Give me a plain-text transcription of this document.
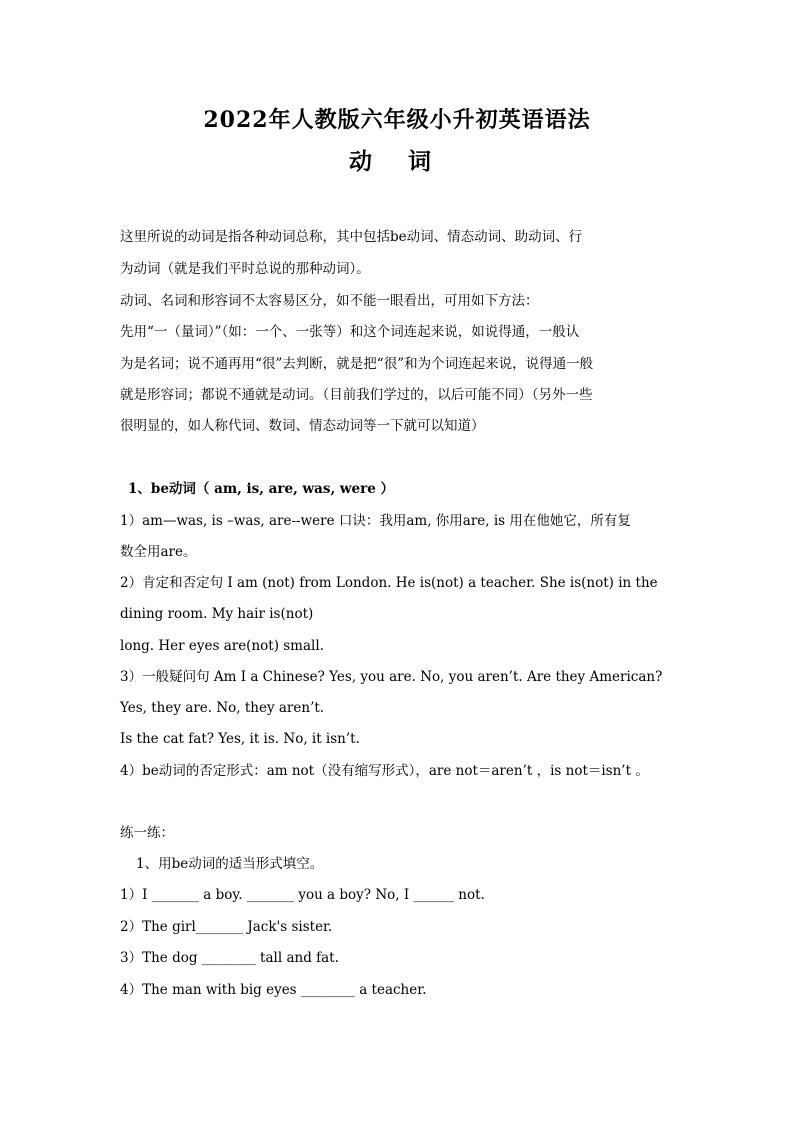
2022年人教版六年级小升初英语语法
动 词
这里所说的动词是指各种动词总称，其中包括be动词、情态动词、助动词、行
为动词（就是我们平时总说的那种动词）。
动词、名词和形容词不太容易区分，如不能一眼看出，可用如下方法：
先用“一（量词）”（如：一个、一张等）和这个词连起来说，如说得通，一般认
为是名词；说不通再用“很”去判断，就是把“很”和为个词连起来说，说得通一般
就是形容词；都说不通就是动词。（目前我们学过的，以后可能不同）（另外一些
很明显的，如人称代词、数词、情态动词等一下就可以知道）
1、be动词（ am, is, are, was, were ）
1）am—was, is –was, are--were 口诀：我用am, 你用are, is 用在他她它，所有复
数全用are。
2）肯定和否定句 I am (not) from London. He is(not) a teacher. She is(not) in the
dining room. My hair is(not)
long. Her eyes are(not) small.
3）一般疑问句 Am I a Chinese? Yes, you are. No, you aren’t. Are they American?
Yes, they are. No, they aren’t.
Is the cat fat? Yes, it is. No, it isn’t.
4）be动词的否定形式：am not（没有缩写形式），are not＝aren’t ，is not＝isn’t 。
练一练：
1、用be动词的适当形式填空。
1）I _______ a boy. _______ you a boy? No, I ______ not.
2）The girl_______ Jack's sister.
3）The dog ________ tall and fat.
4）The man with big eyes ________ a teacher.
